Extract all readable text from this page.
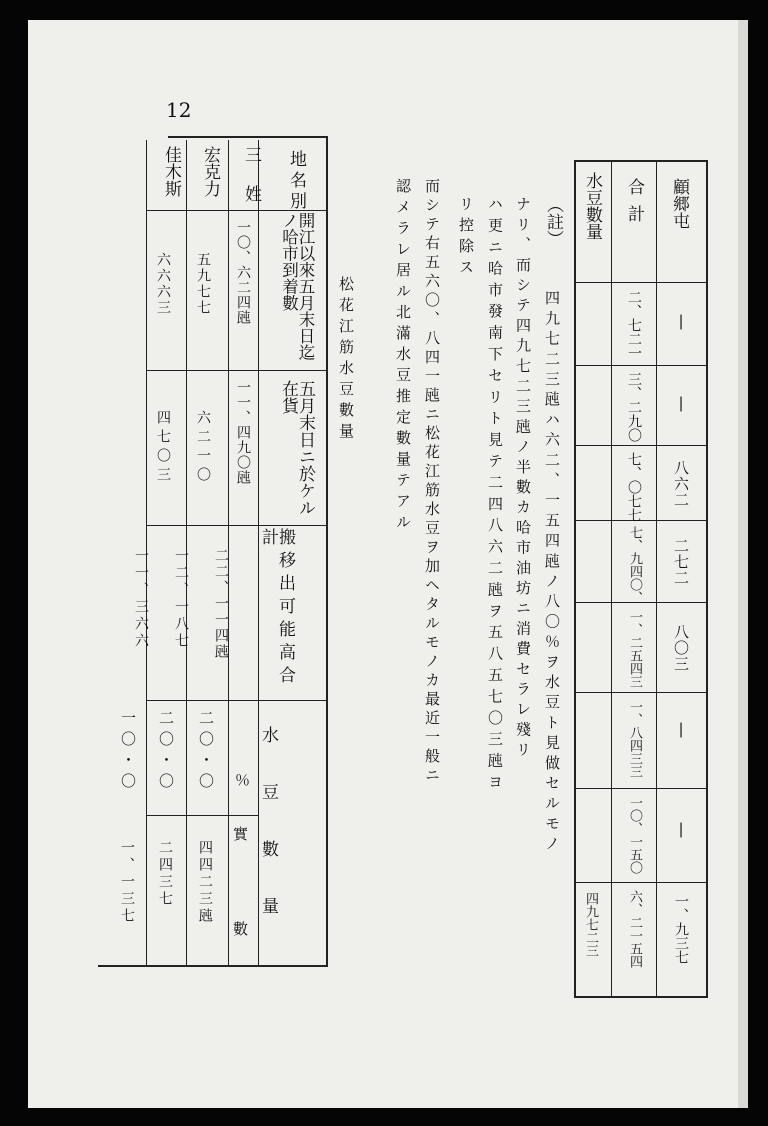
12
顧郷屯
合計
水豆數量
|
|
八六二
二七二
八〇三
|
|
一、九三七
二、七二一
三、二九〇
七、〇七七
七、九四〇、
一、二五四三
一、八四三三
一〇、一五〇
六、二一五四
四九七二三
（註）
四九七二三瓲ハ六二、一五四瓲ノ八〇％ヲ水豆ト見做セルモノ
ナリ、而シテ四九七二三瓲ノ半數カ哈市油坊ニ消費セラレ殘リ
ハ更ニ哈市發南下セリト見テ二四八六二瓲ヲ五八五七〇三瓲ヨ
リ控除ス
而シテ右五六〇、八四一瓲ニ松花江筋水豆ヲ加ヘタルモノカ最近一般ニ
認メラレ居ル北滿水豆推定數量テアル
松花江筋水豆數量
地名別
開江以來五月末日迄ノ哈市到着數
五月末日ニ於ケル在貨
搬移出可能高合計
水豆數量
％
實數
三姓
宏克力
佳木斯
一〇、六二四瓲
五九七七
六六六三
一一、四九〇瓲
六二一〇
四七〇三
二二、一一四瓲
一二、一八七
一一、三六六
二〇・〇
二〇・〇
一〇・〇
四四二三瓲
二四三七
一、一三七
